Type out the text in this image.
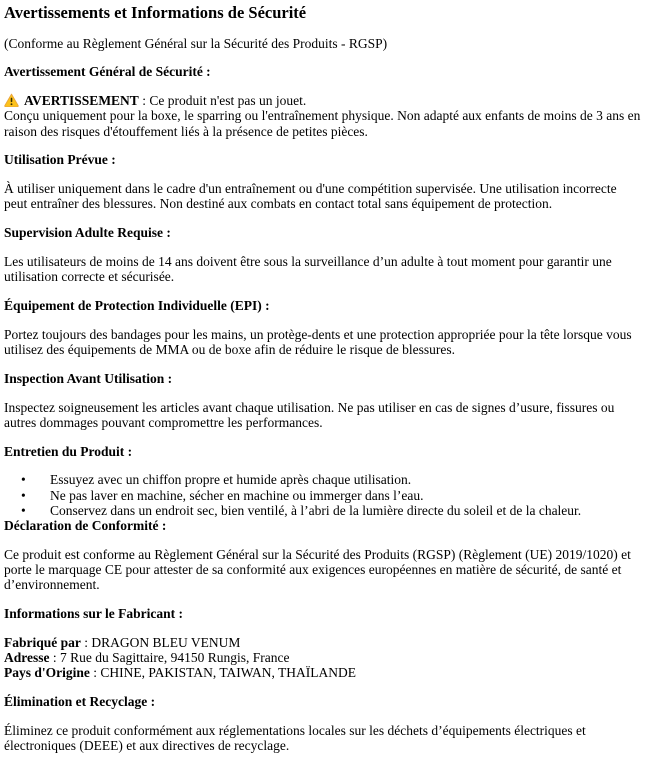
Avertissements et Informations de Sécurité

(Conforme au Règlement Général sur la Sécurité des Produits - RGSP)

Avertissement Général de Sécurité :

AVERTISSEMENT : Ce produit n'est pas un jouet.
Conçu uniquement pour la boxe, le sparring ou l'entraînement physique. Non adapté aux enfants de moins de 3 ans en raison des risques d'étouffement liés à la présence de petites pièces.

Utilisation Prévue :

À utiliser uniquement dans le cadre d'un entraînement ou d'une compétition supervisée. Une utilisation incorrecte peut entraîner des blessures. Non destiné aux combats en contact total sans équipement de protection.

Supervision Adulte Requise :

Les utilisateurs de moins de 14 ans doivent être sous la surveillance d’un adulte à tout moment pour garantir une utilisation correcte et sécurisée.

Équipement de Protection Individuelle (EPI) :

Portez toujours des bandages pour les mains, un protège-dents et une protection appropriée pour la tête lorsque vous utilisez des équipements de MMA ou de boxe afin de réduire le risque de blessures.

Inspection Avant Utilisation :

Inspectez soigneusement les articles avant chaque utilisation. Ne pas utiliser en cas de signes d’usure, fissures ou autres dommages pouvant compromettre les performances.

Entretien du Produit :

• Essuyez avec un chiffon propre et humide après chaque utilisation.
• Ne pas laver en machine, sécher en machine ou immerger dans l’eau.
• Conservez dans un endroit sec, bien ventilé, à l’abri de la lumière directe du soleil et de la chaleur.

Déclaration de Conformité :

Ce produit est conforme au Règlement Général sur la Sécurité des Produits (RGSP) (Règlement (UE) 2019/1020) et porte le marquage CE pour attester de sa conformité aux exigences européennes en matière de sécurité, de santé et d’environnement.

Informations sur le Fabricant :

Fabriqué par : DRAGON BLEU VENUM
Adresse : 7 Rue du Sagittaire, 94150 Rungis, France
Pays d'Origine : CHINE, PAKISTAN, TAIWAN, THAÏLANDE

Élimination et Recyclage :

Éliminez ce produit conformément aux réglementations locales sur les déchets d’équipements électriques et électroniques (DEEE) et aux directives de recyclage.
